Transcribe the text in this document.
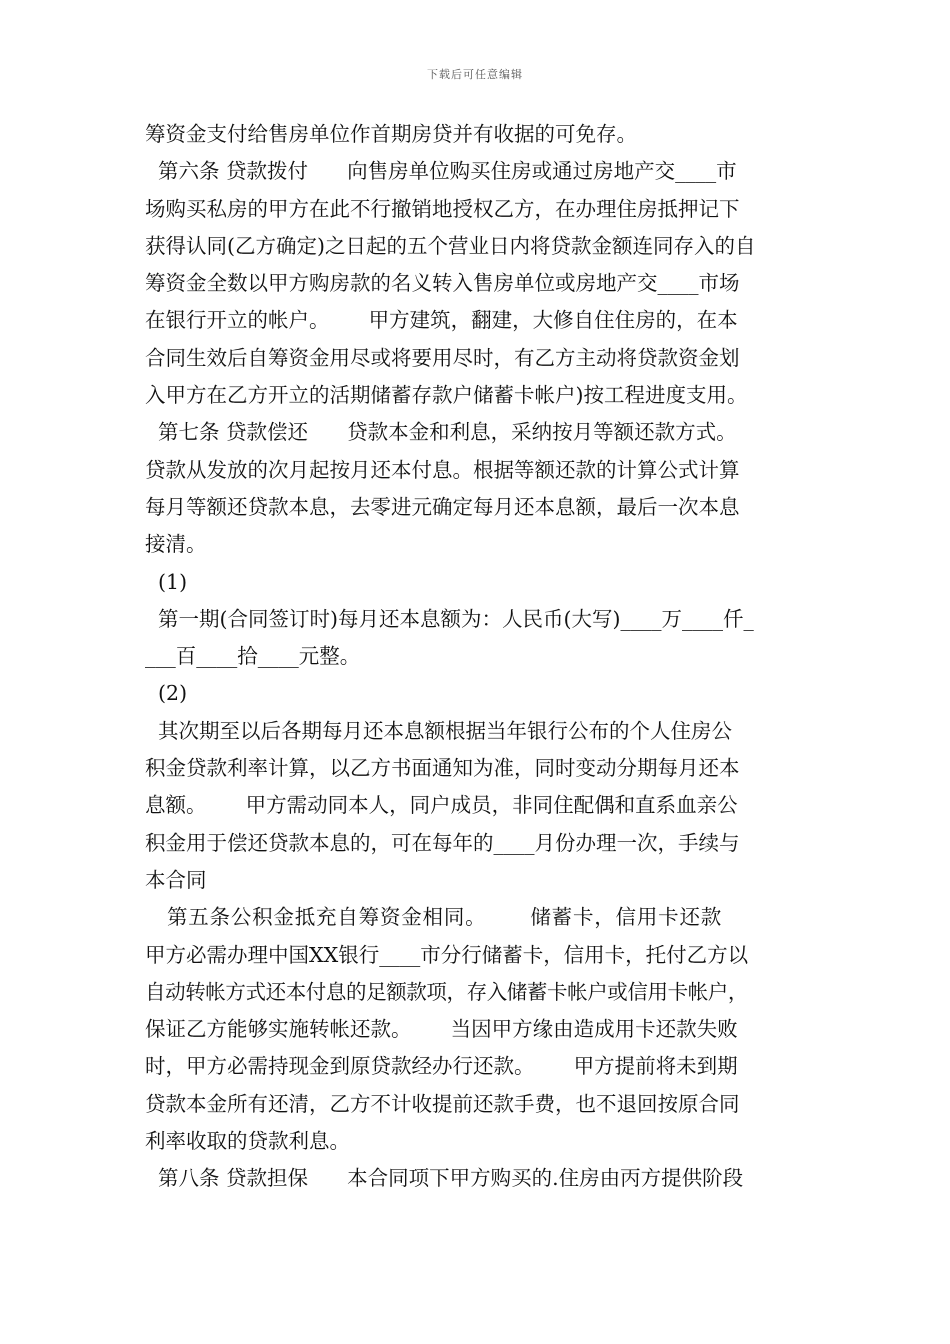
下载后可任意编辑
筹资金支付给售房单位作首期房贷并有收据的可免存。
第六条 贷款拨付      向售房单位购买住房或通过房地产交____市
场购买私房的甲方在此不行撤销地授权乙方，在办理住房抵押记下
获得认同(乙方确定)之日起的五个营业日内将贷款金额连同存入的自
筹资金全数以甲方购房款的名义转入售房单位或房地产交____市场
在银行开立的帐户。      甲方建筑，翻建，大修自住住房的，在本
合同生效后自筹资金用尽或将要用尽时，有乙方主动将贷款资金划
入甲方在乙方开立的活期储蓄存款户储蓄卡帐户)按工程进度支用。
第七条 贷款偿还      贷款本金和利息，采纳按月等额还款方式。
贷款从发放的次月起按月还本付息。根据等额还款的计算公式计算
每月等额还贷款本息，去零进元确定每月还本息额，最后一次本息
接清。
(1)
第一期(合同签订时)每月还本息额为：人民币(大写)____万____仟_
___百____拾____元整。
(2)
其次期至以后各期每月还本息额根据当年银行公布的个人住房公
积金贷款利率计算，以乙方书面通知为准，同时变动分期每月还本
息额。      甲方需动同本人，同户成员，非同住配偶和直系血亲公
积金用于偿还贷款本息的，可在每年的____月份办理一次，手续与
本合同
第五条公积金抵充自筹资金相同。      储蓄卡，信用卡还款
甲方必需办理中国XX银行____市分行储蓄卡，信用卡，托付乙方以
自动转帐方式还本付息的足额款项，存入储蓄卡帐户或信用卡帐户，
保证乙方能够实施转帐还款。      当因甲方缘由造成用卡还款失败
时，甲方必需持现金到原贷款经办行还款。      甲方提前将未到期
贷款本金所有还清，乙方不计收提前还款手费，也不退回按原合同
利率收取的贷款利息。
第八条 贷款担保      本合同项下甲方购买的.住房由丙方提供阶段
